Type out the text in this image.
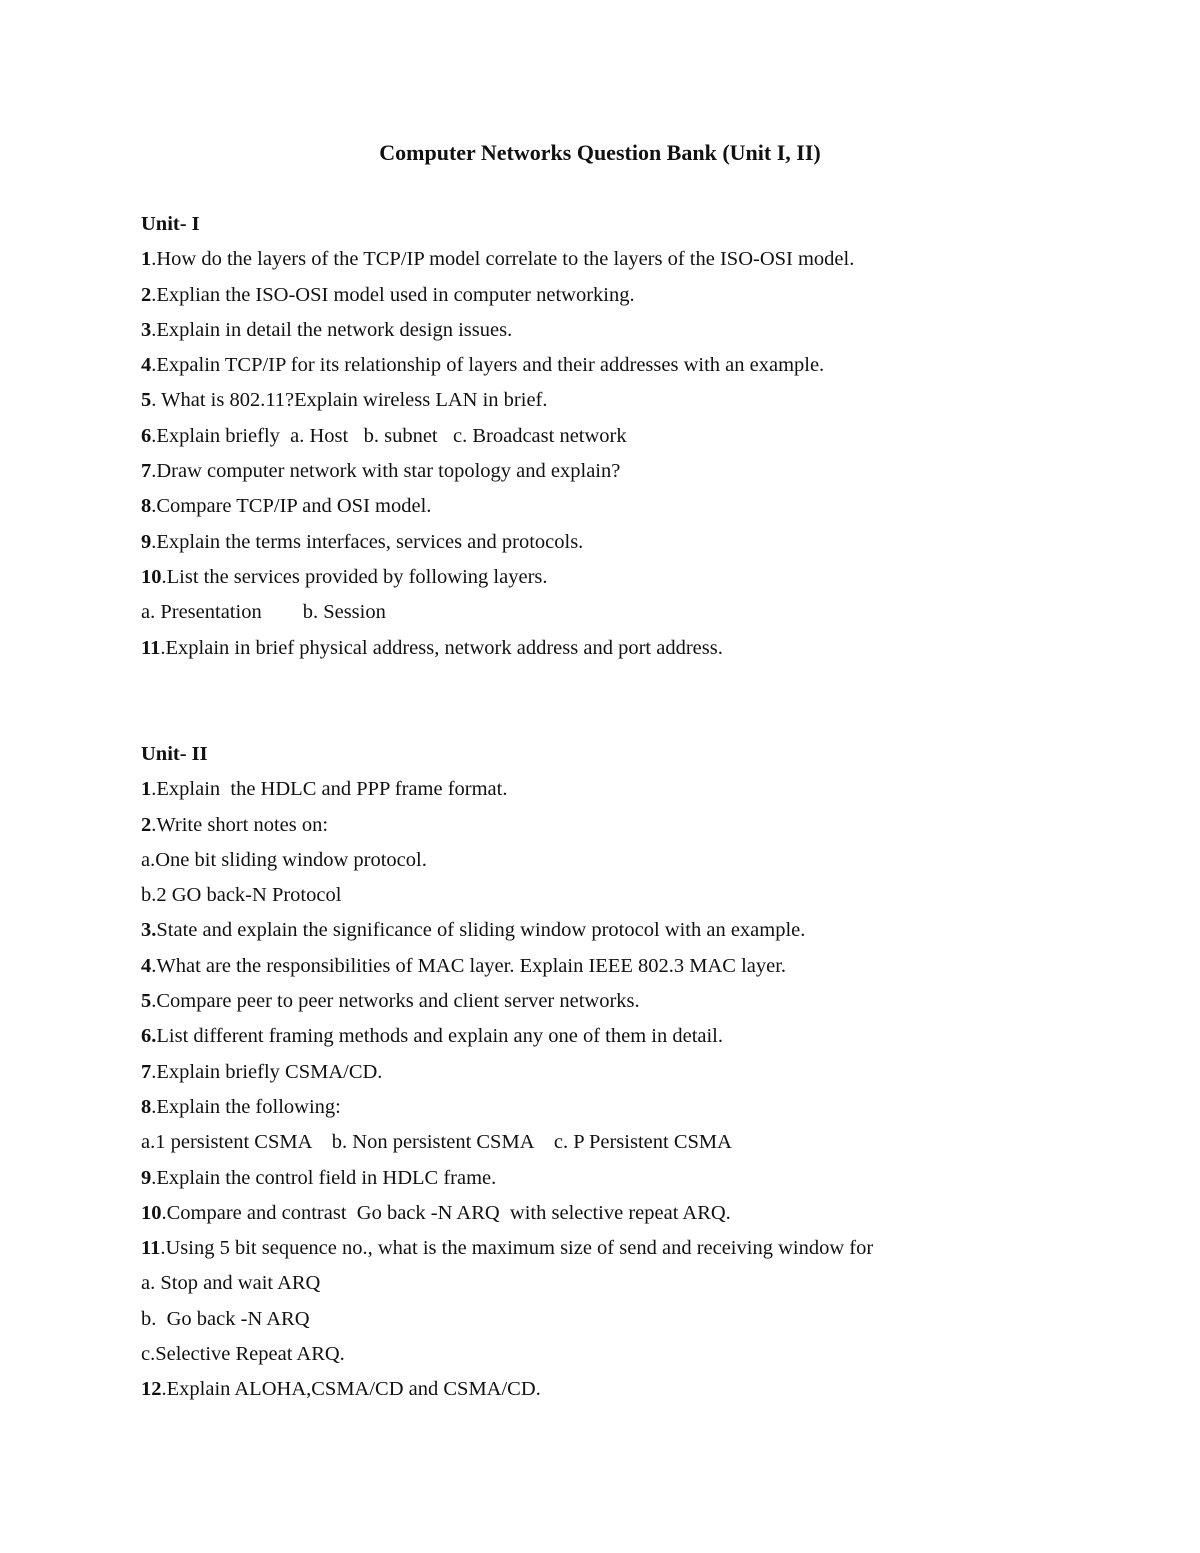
Computer Networks Question Bank (Unit I, II)
Unit- I
1.How do the layers of the TCP/IP model correlate to the layers of the ISO-OSI model.
2.Explian the ISO-OSI model used in computer networking.
3.Explain in detail the network design issues.
4.Expalin TCP/IP for its relationship of layers and their addresses with an example.
5. What is 802.11?Explain wireless LAN in brief.
6.Explain briefly  a. Host   b. subnet   c. Broadcast network
7.Draw computer network with star topology and explain?
8.Compare TCP/IP and OSI model.
9.Explain the terms interfaces, services and protocols.
10.List the services provided by following layers.
a. Presentation        b. Session
11.Explain in brief physical address, network address and port address.
Unit- II
1.Explain  the HDLC and PPP frame format.
2.Write short notes on:
a.One bit sliding window protocol.
b.2 GO back-N Protocol
3.State and explain the significance of sliding window protocol with an example.
4.What are the responsibilities of MAC layer. Explain IEEE 802.3 MAC layer.
5.Compare peer to peer networks and client server networks.
6.List different framing methods and explain any one of them in detail.
7.Explain briefly CSMA/CD.
8.Explain the following:
a.1 persistent CSMA    b. Non persistent CSMA    c. P Persistent CSMA
9.Explain the control field in HDLC frame.
10.Compare and contrast  Go back -N ARQ  with selective repeat ARQ.
11.Using 5 bit sequence no., what is the maximum size of send and receiving window for
a. Stop and wait ARQ
b.  Go back -N ARQ
c.Selective Repeat ARQ.
12.Explain ALOHA,CSMA/CD and CSMA/CD.
